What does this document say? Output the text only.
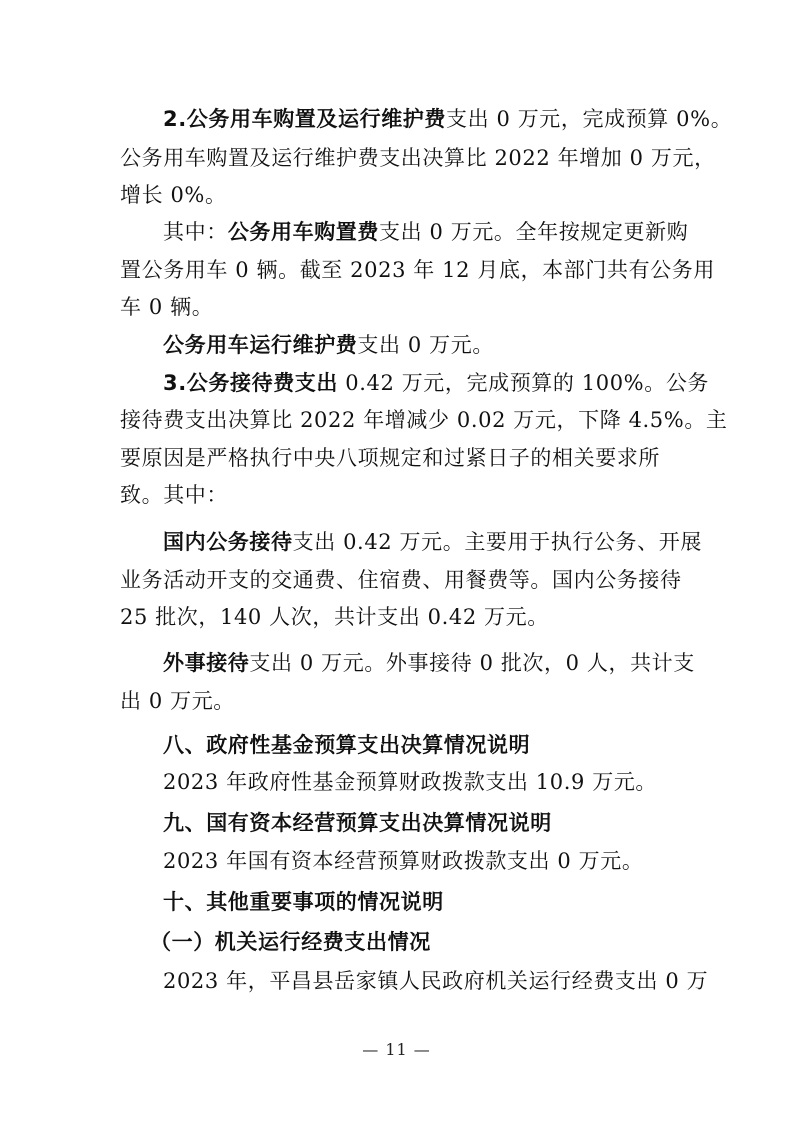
2.公务用车购置及运行维护费支出 0 万元，完成预算 0%。
公务用车购置及运行维护费支出决算比 2022 年增加 0 万元，
增长 0%。
其中：公务用车购置费支出 0 万元。全年按规定更新购
置公务用车 0 辆。截至 2023 年 12 月底，本部门共有公务用
车 0 辆。
公务用车运行维护费支出 0 万元。
3.公务接待费支出 0.42 万元，完成预算的 100%。公务
接待费支出决算比 2022 年增减少 0.02 万元，下降 4.5%。主
要原因是严格执行中央八项规定和过紧日子的相关要求所
致。其中：
国内公务接待支出 0.42 万元。主要用于执行公务、开展
业务活动开支的交通费、住宿费、用餐费等。国内公务接待
25 批次，140 人次，共计支出 0.42 万元。
外事接待支出 0 万元。外事接待 0 批次，0 人，共计支
出 0 万元。
八、政府性基金预算支出决算情况说明
2023 年政府性基金预算财政拨款支出 10.9 万元。
九、国有资本经营预算支出决算情况说明
2023 年国有资本经营预算财政拨款支出 0 万元。
十、其他重要事项的情况说明
（一）机关运行经费支出情况
2023 年，平昌县岳家镇人民政府机关运行经费支出 0 万
— 11 —
